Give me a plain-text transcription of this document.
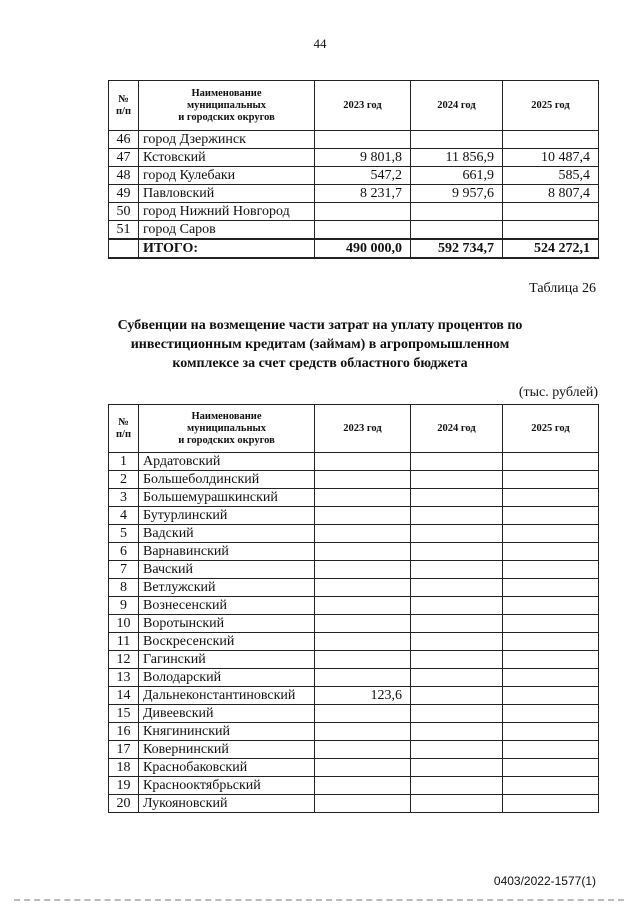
44
№
п/п	Наименование
муниципальных
и городских округов	2023 год	2024 год	2025 год
46	город Дзержинск			
47	Кстовский	9 801,8	11 856,9	10 487,4
48	город Кулебаки	547,2	661,9	585,4
49	Павловский	8 231,7	9 957,6	8 807,4
50	город Нижний Новгород			
51	город Саров			
	ИТОГО:	490 000,0	592 734,7	524 272,1
Таблица 26
Субвенции на возмещение части затрат на уплату процентов по инвестиционным кредитам (займам) в агропромышленном комплексе за счет средств областного бюджета
(тыс. рублей)
№
п/п	Наименование
муниципальных
и городских округов	2023 год	2024 год	2025 год
1	Ардатовский			
2	Большеболдинский			
3	Большемурашкинский			
4	Бутурлинский			
5	Вадский			
6	Варнавинский			
7	Вачский			
8	Ветлужский			
9	Вознесенский			
10	Воротынский			
11	Воскресенский			
12	Гагинский			
13	Володарский			
14	Дальнеконстантиновский	123,6		
15	Дивеевский			
16	Княгининский			
17	Ковернинский			
18	Краснобаковский			
19	Краснооктябрьский			
20	Лукояновский			
0403/2022-1577(1)
